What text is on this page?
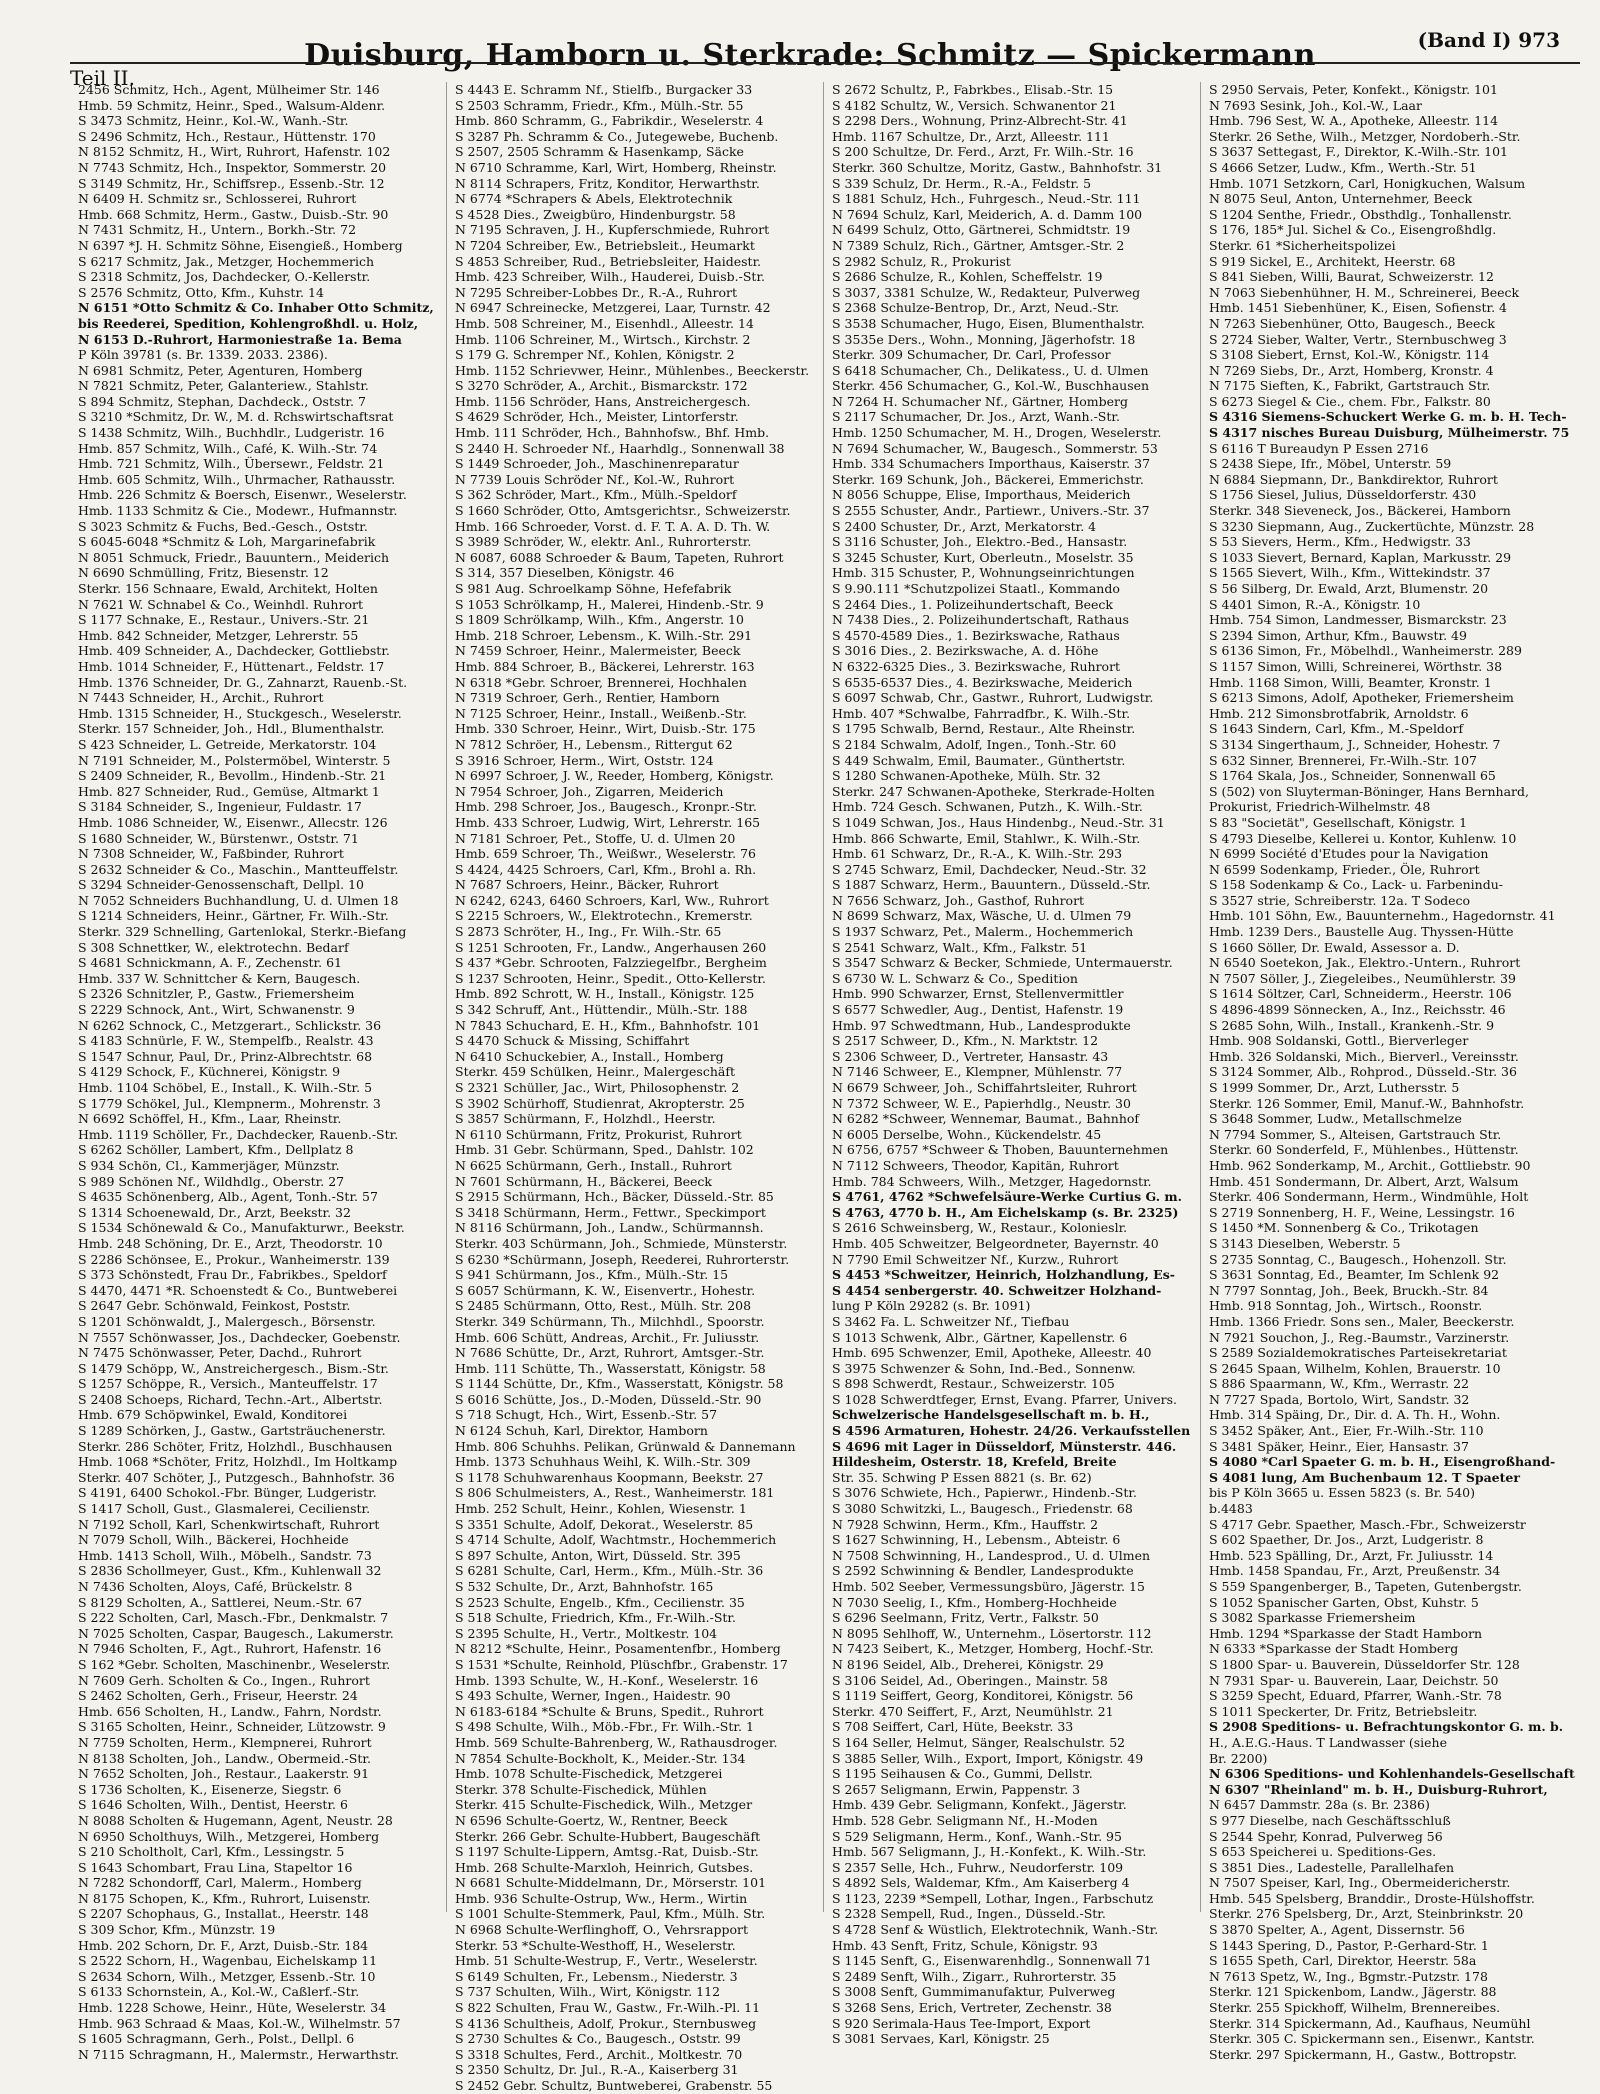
Teil II.
Duisburg, Hamborn u. Sterkrade: Schmitz — Spickermann	(Band I) 973
2456 Schmitz, Hch., Agent, Mülheimer Str. 146
Hmb. 59 Schmitz, Heinr., Sped., Walsum-Aldenr.
S 3473 Schmitz, Heinr., Kol.-W., Wanh.-Str.
S 2496 Schmitz, Hch., Restaur., Hüttenstr. 170
N 8152 Schmitz, H., Wirt, Ruhrort, Hafenstr. 102
N 7743 Schmitz, Hch., Inspektor, Sommerstr. 20
S 3149 Schmitz, Hr., Schiffsrep., Essenb.-Str. 12
N 6409 H. Schmitz sr., Schlosserei, Ruhrort
Hmb. 668 Schmitz, Herm., Gastw., Duisb.-Str. 90
N 7431 Schmitz, H., Untern., Borkh.-Str. 72
N 6397 *J. H. Schmitz Söhne, Eisengieß., Homberg
S 6217 Schmitz, Jak., Metzger, Hochemmerich
S 2318 Schmitz, Jos, Dachdecker, O.-Kellerstr.
S 2576 Schmitz, Otto, Kfm., Kuhstr. 14
N 6151 *Otto Schmitz & Co. Inhaber Otto Schmitz,
bis Reederei, Spedition, Kohlengroßhdl. u. Holz,
N 6153 D.-Ruhrort, Harmoniestraße 1a. Bema
P Köln 39781 (s. Br. 1339. 2033. 2386).
N 6981 Schmitz, Peter, Agenturen, Homberg
N 7821 Schmitz, Peter, Galanteriew., Stahlstr.
S 894 Schmitz, Stephan, Dachdeck., Oststr. 7
S 3210 *Schmitz, Dr. W., M. d. Rchswirtschaftsrat
S 1438 Schmitz, Wilh., Buchhdlr., Ludgeristr. 16
Hmb. 857 Schmitz, Wilh., Café, K. Wilh.-Str. 74
Hmb. 721 Schmitz, Wilh., Übersewr., Feldstr. 21
Hmb. 605 Schmitz, Wilh., Uhrmacher, Rathausstr.
Hmb. 226 Schmitz & Boersch, Eisenwr., Weselerstr.
Hmb. 1133 Schmitz & Cie., Modewr., Hufmannstr.
S 3023 Schmitz & Fuchs, Bed.-Gesch., Oststr.
S 6045-6048 *Schmitz & Loh, Margarinefabrik
N 8051 Schmuck, Friedr., Bauuntern., Meiderich
N 6690 Schmülling, Fritz, Biesenstr. 12
Sterkr. 156 Schnaare, Ewald, Architekt, Holten
N 7621 W. Schnabel & Co., Weinhdl. Ruhrort
S 1177 Schnake, E., Restaur., Univers.-Str. 21
Hmb. 842 Schneider, Metzger, Lehrerstr. 55
Hmb. 409 Schneider, A., Dachdecker, Gottliebstr.
Hmb. 1014 Schneider, F., Hüttenart., Feldstr. 17
Hmb. 1376 Schneider, Dr. G., Zahnarzt, Rauenb.-St.
N 7443 Schneider, H., Archit., Ruhrort
Hmb. 1315 Schneider, H., Stuckgesch., Weselerstr.
Sterkr. 157 Schneider, Joh., Hdl., Blumenthalstr.
S 423 Schneider, L. Getreide, Merkatorstr. 104
N 7191 Schneider, M., Polstermöbel, Winterstr. 5
S 2409 Schneider, R., Bevollm., Hindenb.-Str. 21
Hmb. 827 Schneider, Rud., Gemüse, Altmarkt 1
S 3184 Schneider, S., Ingenieur, Fuldastr. 17
Hmb. 1086 Schneider, W., Eisenwr., Allecstr. 126
S 1680 Schneider, W., Bürstenwr., Oststr. 71
N 7308 Schneider, W., Faßbinder, Ruhrort
S 2632 Schneider & Co., Maschin., Mantteuffelstr.
S 3294 Schneider-Genossenschaft, Dellpl. 10
N 7052 Schneiders Buchhandlung, U. d. Ulmen 18
S 1214 Schneiders, Heinr., Gärtner, Fr. Wilh.-Str.
Sterkr. 329 Schnelling, Gartenlokal, Sterkr.-Biefang
S 308 Schnettker, W., elektrotechn. Bedarf
S 4681 Schnickmann, A. F., Zechenstr. 61
Hmb. 337 W. Schnittcher & Kern, Baugesch.
S 2326 Schnitzler, P., Gastw., Friemersheim
S 2229 Schnock, Ant., Wirt, Schwanenstr. 9
N 6262 Schnock, C., Metzgerart., Schlickstr. 36
S 4183 Schnürle, F. W., Stempelfb., Realstr. 43
S 1547 Schnur, Paul, Dr., Prinz-Albrechtstr. 68
S 4129 Schock, F., Küchnerei, Königstr. 9
Hmb. 1104 Schöbel, E., Install., K. Wilh.-Str. 5
S 1779 Schökel, Jul., Klempnerm., Mohrenstr. 3
N 6692 Schöffel, H., Kfm., Laar, Rheinstr.
Hmb. 1119 Schöller, Fr., Dachdecker, Rauenb.-Str.
S 6262 Schöller, Lambert, Kfm., Dellplatz 8
S 934 Schön, Cl., Kammerjäger, Münzstr.
S 989 Schönen Nf., Wildhdlg., Oberstr. 27
S 4635 Schönenberg, Alb., Agent, Tonh.-Str. 57
S 1314 Schoenewald, Dr., Arzt, Beekstr. 32
S 1534 Schönewald & Co., Manufakturwr., Beekstr.
Hmb. 248 Schöning, Dr. E., Arzt, Theodorstr. 10
S 2286 Schönsee, E., Prokur., Wanheimerstr. 139
S 373 Schönstedt, Frau Dr., Fabrikbes., Speldorf
S 4470, 4471 *R. Schoenstedt & Co., Buntweberei
S 2647 Gebr. Schönwald, Feinkost, Poststr.
S 1201 Schönwaldt, J., Malergesch., Börsenstr.
N 7557 Schönwasser, Jos., Dachdecker, Goebenstr.
N 7475 Schönwasser, Peter, Dachd., Ruhrort
S 1479 Schöpp, W., Anstreichergesch., Bism.-Str.
S 1257 Schöppe, R., Versich., Manteuffelstr. 17
S 2408 Schoeps, Richard, Techn.-Art., Albertstr.
Hmb. 679 Schöpwinkel, Ewald, Konditorei
S 1289 Schörken, J., Gastw., Gartsträuchenerstr.
Sterkr. 286 Schöter, Fritz, Holzhdl., Buschhausen
Hmb. 1068 *Schöter, Fritz, Holzhdl., Im Holtkamp
Sterkr. 407 Schöter, J., Putzgesch., Bahnhofstr. 36
S 4191, 6400 Schokol.-Fbr. Bünger, Ludgeristr.
S 1417 Scholl, Gust., Glasmalerei, Cecilienstr.
N 7192 Scholl, Karl, Schenkwirtschaft, Ruhrort
N 7079 Scholl, Wilh., Bäckerei, Hochheide
Hmb. 1413 Scholl, Wilh., Möbelh., Sandstr. 73
S 2836 Schollmeyer, Gust., Kfm., Kuhlenwall 32
N 7436 Scholten, Aloys, Café, Brückelstr. 8
S 8129 Scholten, A., Sattlerei, Neum.-Str. 67
S 222 Scholten, Carl, Masch.-Fbr., Denkmalstr. 7
N 7025 Scholten, Caspar, Baugesch., Lakumerstr.
N 7946 Scholten, F., Agt., Ruhrort, Hafenstr. 16
S 162 *Gebr. Scholten, Maschinenbr., Weselerstr.
N 7609 Gerh. Scholten & Co., Ingen., Ruhrort
S 2462 Scholten, Gerh., Friseur, Heerstr. 24
Hmb. 656 Scholten, H., Landw., Fahrn, Nordstr.
S 3165 Scholten, Heinr., Schneider, Lützowstr. 9
N 7759 Scholten, Herm., Klempnerei, Ruhrort
N 8138 Scholten, Joh., Landw., Obermeid.-Str.
N 7652 Scholten, Joh., Restaur., Laakerstr. 91
S 1736 Scholten, K., Eisenerze, Siegstr. 6
S 1646 Scholten, Wilh., Dentist, Heerstr. 6
N 8088 Scholten & Hugemann, Agent, Neustr. 28
N 6950 Scholthuys, Wilh., Metzgerei, Homberg
S 210 Scholtholt, Carl, Kfm., Lessingstr. 5
S 1643 Schombart, Frau Lina, Stapeltor 16
N 7282 Schondorff, Carl, Malerm., Homberg
N 8175 Schopen, K., Kfm., Ruhrort, Luisenstr.
S 2207 Schophaus, G., Installat., Heerstr. 148
S 309 Schor, Kfm., Münzstr. 19
Hmb. 202 Schorn, Dr. F., Arzt, Duisb.-Str. 184
S 2522 Schorn, H., Wagenbau, Eichelskamp 11
S 2634 Schorn, Wilh., Metzger, Essenb.-Str. 10
S 6133 Schornstein, A., Kol.-W., Caßlerf.-Str.
Hmb. 1228 Schowe, Heinr., Hüte, Weselerstr. 34
Hmb. 963 Schraad & Maas, Kol.-W., Wilhelmstr. 57
S 1605 Schragmann, Gerh., Polst., Dellpl. 6
N 7115 Schragmann, H., Malermstr., Herwarthstr.
S 4443 E. Schramm Nf., Stielfb., Burgacker 33
S 2503 Schramm, Friedr., Kfm., Mülh.-Str. 55
Hmb. 860 Schramm, G., Fabrikdir., Weselerstr. 4
S 3287 Ph. Schramm & Co., Jutegewebe, Buchenb.
S 2507, 2505 Schramm & Hasenkamp, Säcke
N 6710 Schramme, Karl, Wirt, Homberg, Rheinstr.
N 8114 Schrapers, Fritz, Konditor, Herwarthstr.
N 6774 *Schrapers & Abels, Elektrotechnik
S 4528 Dies., Zweigbüro, Hindenburgstr. 58
N 7195 Schraven, J. H., Kupferschmiede, Ruhrort
N 7204 Schreiber, Ew., Betriebsleit., Heumarkt
S 4853 Schreiber, Rud., Betriebsleiter, Haidestr.
Hmb. 423 Schreiber, Wilh., Hauderei, Duisb.-Str.
N 7295 Schreiber-Lobbes Dr., R.-A., Ruhrort
N 6947 Schreinecke, Metzgerei, Laar, Turnstr. 42
Hmb. 508 Schreiner, M., Eisenhdl., Alleestr. 14
Hmb. 1106 Schreiner, M., Wirtsch., Kirchstr. 2
S 179 G. Schremper Nf., Kohlen, Königstr. 2
Hmb. 1152 Schrievwer, Heinr., Mühlenbes., Beeckerstr.
S 3270 Schröder, A., Archit., Bismarckstr. 172
Hmb. 1156 Schröder, Hans, Anstreichergesch.
S 4629 Schröder, Hch., Meister, Lintorferstr.
Hmb. 111 Schröder, Hch., Bahnhofsw., Bhf. Hmb.
S 2440 H. Schroeder Nf., Haarhdlg., Sonnenwall 38
S 1449 Schroeder, Joh., Maschinenreparatur
N 7739 Louis Schröder Nf., Kol.-W., Ruhrort
S 362 Schröder, Mart., Kfm., Mülh.-Speldorf
S 1660 Schröder, Otto, Amtsgerichtsr., Schweizerstr.
Hmb. 166 Schroeder, Vorst. d. F. T. A. A. D. Th. W.
S 3989 Schröder, W., elektr. Anl., Ruhrorterstr.
N 6087, 6088 Schroeder & Baum, Tapeten, Ruhrort
S 314, 357 Dieselben, Königstr. 46
S 981 Aug. Schroelkamp Söhne, Hefefabrik
S 1053 Schrölkamp, H., Malerei, Hindenb.-Str. 9
S 1809 Schrölkamp, Wilh., Kfm., Angerstr. 10
Hmb. 218 Schroer, Lebensm., K. Wilh.-Str. 291
N 7459 Schroer, Heinr., Malermeister, Beeck
Hmb. 884 Schroer, B., Bäckerei, Lehrerstr. 163
N 6318 *Gebr. Schroer, Brennerei, Hochhalen
N 7319 Schroer, Gerh., Rentier, Hamborn
N 7125 Schroer, Heinr., Install., Weißenb.-Str.
Hmb. 330 Schroer, Heinr., Wirt, Duisb.-Str. 175
N 7812 Schröer, H., Lebensm., Rittergut 62
S 3916 Schroer, Herm., Wirt, Oststr. 124
N 6997 Schroer, J. W., Reeder, Homberg, Königstr.
N 7954 Schroer, Joh., Zigarren, Meiderich
Hmb. 298 Schroer, Jos., Baugesch., Kronpr.-Str.
Hmb. 433 Schroer, Ludwig, Wirt, Lehrerstr. 165
N 7181 Schroer, Pet., Stoffe, U. d. Ulmen 20
Hmb. 659 Schroer, Th., Weißwr., Weselerstr. 76
S 4424, 4425 Schroers, Carl, Kfm., Brohl a. Rh.
N 7687 Schroers, Heinr., Bäcker, Ruhrort
N 6242, 6243, 6460 Schroers, Karl, Ww., Ruhrort
S 2215 Schroers, W., Elektrotechn., Kremerstr.
S 2873 Schröter, H., Ing., Fr. Wilh.-Str. 65
S 1251 Schrooten, Fr., Landw., Angerhausen 260
S 437 *Gebr. Schrooten, Falzziegelfbr., Bergheim
S 1237 Schrooten, Heinr., Spedit., Otto-Kellerstr.
Hmb. 892 Schrott, W. H., Install., Königstr. 125
S 342 Schruff, Ant., Hüttendir., Mülh.-Str. 188
N 7843 Schuchard, E. H., Kfm., Bahnhofstr. 101
S 4470 Schuck & Missing, Schiffahrt
N 6410 Schuckebier, A., Install., Homberg
Sterkr. 459 Schülken, Heinr., Malergeschäft
S 2321 Schüller, Jac., Wirt, Philosophenstr. 2
S 3902 Schürhoff, Studienrat, Akropterstr. 25
S 3857 Schürmann, F., Holzhdl., Heerstr.
N 6110 Schürmann, Fritz, Prokurist, Ruhrort
Hmb. 31 Gebr. Schürmann, Sped., Dahlstr. 102
N 6625 Schürmann, Gerh., Install., Ruhrort
N 7601 Schürmann, H., Bäckerei, Beeck
S 2915 Schürmann, Hch., Bäcker, Düsseld.-Str. 85
S 3418 Schürmann, Herm., Fettwr., Speckimport
N 8116 Schürmann, Joh., Landw., Schürmannsh.
Sterkr. 403 Schürmann, Joh., Schmiede, Münsterstr.
S 6230 *Schürmann, Joseph, Reederei, Ruhrorterstr.
S 941 Schürmann, Jos., Kfm., Mülh.-Str. 15
S 6057 Schürmann, K. W., Eisenvertr., Hohestr.
S 2485 Schürmann, Otto, Rest., Mülh. Str. 208
Sterkr. 349 Schürmann, Th., Milchhdl., Spoorstr.
Hmb. 606 Schütt, Andreas, Archit., Fr. Juliusstr.
N 7686 Schütte, Dr., Arzt, Ruhrort, Amtsger.-Str.
Hmb. 111 Schütte, Th., Wasserstatt, Königstr. 58
S 1144 Schütte, Dr., Kfm., Wasserstatt, Königstr. 58
S 6016 Schütte, Jos., D.-Moden, Düsseld.-Str. 90
S 718 Schugt, Hch., Wirt, Essenb.-Str. 57
N 6124 Schuh, Karl, Direktor, Hamborn
Hmb. 806 Schuhhs. Pelikan, Grünwald & Dannemann
Hmb. 1373 Schuhhaus Weihl, K. Wilh.-Str. 309
S 1178 Schuhwarenhaus Koopmann, Beekstr. 27
S 806 Schulmeisters, A., Rest., Wanheimerstr. 181
Hmb. 252 Schult, Heinr., Kohlen, Wiesenstr. 1
S 3351 Schulte, Adolf, Dekorat., Weselerstr. 85
S 4714 Schulte, Adolf, Wachtmstr., Hochemmerich
S 897 Schulte, Anton, Wirt, Düsseld. Str. 395
S 6281 Schulte, Carl, Herm., Kfm., Mülh.-Str. 36
S 532 Schulte, Dr., Arzt, Bahnhofstr. 165
S 2523 Schulte, Engelb., Kfm., Cecilienstr. 35
S 518 Schulte, Friedrich, Kfm., Fr.-Wilh.-Str.
S 2395 Schulte, H., Vertr., Moltkestr. 104
N 8212 *Schulte, Heinr., Posamentenfbr., Homberg
S 1531 *Schulte, Reinhold, Plüschfbr., Grabenstr. 17
Hmb. 1393 Schulte, W., H.-Konf., Weselerstr. 16
S 493 Schulte, Werner, Ingen., Haidestr. 90
N 6183-6184 *Schulte & Bruns, Spedit., Ruhrort
S 498 Schulte, Wilh., Möb.-Fbr., Fr. Wilh.-Str. 1
Hmb. 569 Schulte-Bahrenberg, W., Rathausdroger.
N 7854 Schulte-Bockholt, K., Meider.-Str. 134
Hmb. 1078 Schulte-Fischedick, Metzgerei
Sterkr. 378 Schulte-Fischedick, Mühlen
Sterkr. 415 Schulte-Fischedick, Wilh., Metzger
N 6596 Schulte-Goertz, W., Rentner, Beeck
Sterkr. 266 Gebr. Schulte-Hubbert, Baugeschäft
S 1197 Schulte-Lippern, Amtsg.-Rat, Duisb.-Str.
Hmb. 268 Schulte-Marxloh, Heinrich, Gutsbes.
N 6681 Schulte-Middelmann, Dr., Mörserstr. 101
Hmb. 936 Schulte-Ostrup, Ww., Herm., Wirtin
S 1001 Schulte-Stemmerk, Paul, Kfm., Mülh. Str.
N 6968 Schulte-Werflinghoff, O., Vehrsrapport
Sterkr. 53 *Schulte-Westhoff, H., Weselerstr.
Hmb. 51 Schulte-Westrup, F., Vertr., Weselerstr.
S 6149 Schulten, Fr., Lebensm., Niederstr. 3
S 737 Schulten, Wilh., Wirt, Königstr. 112
S 822 Schulten, Frau W., Gastw., Fr.-Wilh.-Pl. 11
S 4136 Schultheis, Adolf, Prokur., Sternbusweg
S 2730 Schultes & Co., Baugesch., Oststr. 99
S 3318 Schultes, Ferd., Archit., Moltkestr. 70
S 2350 Schultz, Dr. Jul., R.-A., Kaiserberg 31
S 2452 Gebr. Schultz, Buntweberei, Grabenstr. 55
S 2672 Schultz, P., Fabrkbes., Elisab.-Str. 15
S 4182 Schultz, W., Versich. Schwanentor 21
S 2298 Ders., Wohnung, Prinz-Albrecht-Str. 41
Hmb. 1167 Schultze, Dr., Arzt, Alleestr. 111
S 200 Schultze, Dr. Ferd., Arzt, Fr. Wilh.-Str. 16
Sterkr. 360 Schultze, Moritz, Gastw., Bahnhofstr. 31
S 339 Schulz, Dr. Herm., R.-A., Feldstr. 5
S 1881 Schulz, Hch., Fuhrgesch., Neud.-Str. 111
N 7694 Schulz, Karl, Meiderich, A. d. Damm 100
N 6499 Schulz, Otto, Gärtnerei, Schmidtstr. 19
N 7389 Schulz, Rich., Gärtner, Amtsger.-Str. 2
S 2982 Schulz, R., Prokurist
S 2686 Schulze, R., Kohlen, Scheffelstr. 19
S 3037, 3381 Schulze, W., Redakteur, Pulverweg
S 2368 Schulze-Bentrop, Dr., Arzt, Neud.-Str.
S 3538 Schumacher, Hugo, Eisen, Blumenthalstr.
S 3535e Ders., Wohn., Monning, Jägerhofstr. 18
Sterkr. 309 Schumacher, Dr. Carl, Professor
S 6418 Schumacher, Ch., Delikatess., U. d. Ulmen
Sterkr. 456 Schumacher, G., Kol.-W., Buschhausen
N 7264 H. Schumacher Nf., Gärtner, Homberg
S 2117 Schumacher, Dr. Jos., Arzt, Wanh.-Str.
Hmb. 1250 Schumacher, M. H., Drogen, Weselerstr.
N 7694 Schumacher, W., Baugesch., Sommerstr. 53
Hmb. 334 Schumachers Importhaus, Kaiserstr. 37
Sterkr. 169 Schunk, Joh., Bäckerei, Emmerichstr.
N 8056 Schuppe, Elise, Importhaus, Meiderich
S 2555 Schuster, Andr., Partiewr., Univers.-Str. 37
S 2400 Schuster, Dr., Arzt, Merkatorstr. 4
S 3116 Schuster, Joh., Elektro.-Bed., Hansastr.
S 3245 Schuster, Kurt, Oberleutn., Moselstr. 35
Hmb. 315 Schuster, P., Wohnungseinrichtungen
S 9.90.111 *Schutzpolizei Staatl., Kommando
S 2464 Dies., 1. Polizeihundertschaft, Beeck
N 7438 Dies., 2. Polizeihundertschaft, Rathaus
S 4570-4589 Dies., 1. Bezirkswache, Rathaus
S 3016 Dies., 2. Bezirkswache, A. d. Höhe
N 6322-6325 Dies., 3. Bezirkswache, Ruhrort
S 6535-6537 Dies., 4. Bezirkswache, Meiderich
S 6097 Schwab, Chr., Gastwr., Ruhrort, Ludwigstr.
Hmb. 407 *Schwalbe, Fahrradfbr., K. Wilh.-Str.
S 1795 Schwalb, Bernd, Restaur., Alte Rheinstr.
S 2184 Schwalm, Adolf, Ingen., Tonh.-Str. 60
S 449 Schwalm, Emil, Baumater., Günthertstr.
S 1280 Schwanen-Apotheke, Mülh. Str. 32
Sterkr. 247 Schwanen-Apotheke, Sterkrade-Holten
Hmb. 724 Gesch. Schwanen, Putzh., K. Wilh.-Str.
S 1049 Schwan, Jos., Haus Hindenbg., Neud.-Str. 31
Hmb. 866 Schwarte, Emil, Stahlwr., K. Wilh.-Str.
Hmb. 61 Schwarz, Dr., R.-A., K. Wilh.-Str. 293
S 2745 Schwarz, Emil, Dachdecker, Neud.-Str. 32
S 1887 Schwarz, Herm., Bauuntern., Düsseld.-Str.
N 7656 Schwarz, Joh., Gasthof, Ruhrort
N 8699 Schwarz, Max, Wäsche, U. d. Ulmen 79
S 1937 Schwarz, Pet., Malerm., Hochemmerich
S 2541 Schwarz, Walt., Kfm., Falkstr. 51
S 3547 Schwarz & Becker, Schmiede, Untermauerstr.
S 6730 W. L. Schwarz & Co., Spedition
Hmb. 990 Schwarzer, Ernst, Stellenvermittler
S 6577 Schwedler, Aug., Dentist, Hafenstr. 19
Hmb. 97 Schwedtmann, Hub., Landesprodukte
S 2517 Schweer, D., Kfm., N. Marktstr. 12
S 2306 Schweer, D., Vertreter, Hansastr. 43
N 7146 Schweer, E., Klempner, Mühlenstr. 77
N 6679 Schweer, Joh., Schiffahrtsleiter, Ruhrort
N 7372 Schweer, W. E., Papierhdlg., Neustr. 30
N 6282 *Schweer, Wennemar, Baumat., Bahnhof
N 6005 Derselbe, Wohn., Kückendelstr. 45
N 6756, 6757 *Schweer & Thoben, Bauunternehmen
N 7112 Schweers, Theodor, Kapitän, Ruhrort
Hmb. 784 Schweers, Wilh., Metzger, Hagedornstr.
S 4761, 4762 *Schwefelsäure-Werke Curtius G. m.
S 4763, 4770 b. H., Am Eichelskamp (s. Br. 2325)
S 2616 Schweinsberg, W., Restaur., Kolonieslr.
Hmb. 405 Schweitzer, Belgeordneter, Bayernstr. 40
N 7790 Emil Schweitzer Nf., Kurzw., Ruhrort
S 4453 *Schweitzer, Heinrich, Holzhandlung, Es-
S 4454 senbergerstr. 40. Schweitzer Holzhand-
lung P Köln 29282 (s. Br. 1091)
S 3462 Fa. L. Schweitzer Nf., Tiefbau
S 1013 Schwenk, Albr., Gärtner, Kapellenstr. 6
Hmb. 695 Schwenzer, Emil, Apotheke, Alleestr. 40
S 3975 Schwenzer & Sohn, Ind.-Bed., Sonnenw.
S 898 Schwerdt, Restaur., Schweizerstr. 105
S 1028 Schwerdtfeger, Ernst, Evang. Pfarrer, Univers.
Schwelzerische Handelsgesellschaft m. b. H.,
S 4596 Armaturen, Hohestr. 24/26. Verkaufsstellen
S 4696 mit Lager in Düsseldorf, Münsterstr. 446.
Hildesheim, Osterstr. 18, Krefeld, Breite
Str. 35. Schwing P Essen 8821 (s. Br. 62)
S 3076 Schwiete, Hch., Papierwr., Hindenb.-Str.
S 3080 Schwitzki, L., Baugesch., Friedenstr. 68
N 7928 Schwinn, Herm., Kfm., Hauffstr. 2
S 1627 Schwinning, H., Lebensm., Abteistr. 6
N 7508 Schwinning, H., Landesprod., U. d. Ulmen
S 2592 Schwinning & Bendler, Landesprodukte
Hmb. 502 Seeber, Vermessungsbüro, Jägerstr. 15
N 7030 Seelig, I., Kfm., Homberg-Hochheide
S 6296 Seelmann, Fritz, Vertr., Falkstr. 50
N 8095 Sehlhoff, W., Unternehm., Lösertorstr. 112
N 7423 Seibert, K., Metzger, Homberg, Hochf.-Str.
N 8196 Seidel, Alb., Dreherei, Königstr. 29
S 3106 Seidel, Ad., Oberingen., Mainstr. 58
S 1119 Seiffert, Georg, Konditorei, Königstr. 56
Sterkr. 470 Seiffert, F., Arzt, Neumühlstr. 21
S 708 Seiffert, Carl, Hüte, Beekstr. 33
S 164 Seller, Helmut, Sänger, Realschulstr. 52
S 3885 Seller, Wilh., Export, Import, Königstr. 49
S 1195 Seihausen & Co., Gummi, Dellstr.
S 2657 Seligmann, Erwin, Pappenstr. 3
Hmb. 439 Gebr. Seligmann, Konfekt., Jägerstr.
Hmb. 528 Gebr. Seligmann Nf., H.-Moden
S 529 Seligmann, Herm., Konf., Wanh.-Str. 95
Hmb. 567 Seligmann, J., H.-Konfekt., K. Wilh.-Str.
S 2357 Selle, Hch., Fuhrw., Neudorferstr. 109
S 4892 Sels, Waldemar, Kfm., Am Kaiserberg 4
S 1123, 2239 *Sempell, Lothar, Ingen., Farbschutz
S 2328 Sempell, Rud., Ingen., Düsseld.-Str.
S 4728 Senf & Wüstlich, Elektrotechnik, Wanh.-Str.
Hmb. 43 Senft, Fritz, Schule, Königstr. 93
S 1145 Senft, G., Eisenwarenhdlg., Sonnenwall 71
S 2489 Senft, Wilh., Zigarr., Ruhrorterstr. 35
S 3008 Senft, Gummimanufaktur, Pulverweg
S 3268 Sens, Erich, Vertreter, Zechenstr. 38
S 920 Serimala-Haus Tee-Import, Export
S 3081 Servaes, Karl, Königstr. 25
S 2950 Servais, Peter, Konfekt., Königstr. 101
N 7693 Sesink, Joh., Kol.-W., Laar
Hmb. 796 Sest, W. A., Apotheke, Alleestr. 114
Sterkr. 26 Sethe, Wilh., Metzger, Nordoberh.-Str.
S 3637 Settegast, F., Direktor, K.-Wilh.-Str. 101
S 4666 Setzer, Ludw., Kfm., Werth.-Str. 51
Hmb. 1071 Setzkorn, Carl, Honigkuchen, Walsum
N 8075 Seul, Anton, Unternehmer, Beeck
S 1204 Senthe, Friedr., Obsthdlg., Tonhallenstr.
S 176, 185* Jul. Sichel & Co., Eisengroßhdlg.
Sterkr. 61 *Sicherheitspolizei
S 919 Sickel, E., Architekt, Heerstr. 68
S 841 Sieben, Willi, Baurat, Schweizerstr. 12
N 7063 Siebenhühner, H. M., Schreinerei, Beeck
Hmb. 1451 Siebenhüner, K., Eisen, Sofienstr. 4
N 7263 Siebenhüner, Otto, Baugesch., Beeck
S 2724 Sieber, Walter, Vertr., Sternbuschweg 3
S 3108 Siebert, Ernst, Kol.-W., Königstr. 114
N 7269 Siebs, Dr., Arzt, Homberg, Kronstr. 4
N 7175 Sieften, K., Fabrikt, Gartstrauch Str.
S 6273 Siegel & Cie., chem. Fbr., Falkstr. 80
S 4316 Siemens-Schuckert Werke G. m. b. H. Tech-
S 4317 nisches Bureau Duisburg, Mülheimerstr. 75
S 6116 T Bureaudyn P Essen 2716
S 2438 Siepe, Ifr., Möbel, Unterstr. 59
N 6884 Siepmann, Dr., Bankdirektor, Ruhrort
S 1756 Siesel, Julius, Düsseldorferstr. 430
Sterkr. 348 Sieveneck, Jos., Bäckerei, Hamborn
S 3230 Siepmann, Aug., Zuckertüchte, Münzstr. 28
S 53 Sievers, Herm., Kfm., Hedwigstr. 33
S 1033 Sievert, Bernard, Kaplan, Markusstr. 29
S 1565 Sievert, Wilh., Kfm., Wittekindstr. 37
S 56 Silberg, Dr. Ewald, Arzt, Blumenstr. 20
S 4401 Simon, R.-A., Königstr. 10
Hmb. 754 Simon, Landmesser, Bismarckstr. 23
S 2394 Simon, Arthur, Kfm., Bauwstr. 49
S 6136 Simon, Fr., Möbelhdl., Wanheimerstr. 289
S 1157 Simon, Willi, Schreinerei, Wörthstr. 38
Hmb. 1168 Simon, Willi, Beamter, Kronstr. 1
S 6213 Simons, Adolf, Apotheker, Friemersheim
Hmb. 212 Simonsbrotfabrik, Arnoldstr. 6
S 1643 Sindern, Carl, Kfm., M.-Speldorf
S 3134 Singerthaum, J., Schneider, Hohestr. 7
S 632 Sinner, Brennerei, Fr.-Wilh.-Str. 107
S 1764 Skala, Jos., Schneider, Sonnenwall 65
S (502) von Sluyterman-Böninger, Hans Bernhard,
Prokurist, Friedrich-Wilhelmstr. 48
S 83 "Societät", Gesellschaft, Königstr. 1
S 4793 Dieselbe, Kellerei u. Kontor, Kuhlenw. 10
N 6999 Société d'Etudes pour la Navigation
N 6599 Sodenkamp, Frieder., Öle, Ruhrort
S 158 Sodenkamp & Co., Lack- u. Farbenindu-
S 3527 strie, Schreiberstr. 12a. T Sodeco
Hmb. 101 Söhn, Ew., Bauunternehm., Hagedornstr. 41
Hmb. 1239 Ders., Baustelle Aug. Thyssen-Hütte
S 1660 Söller, Dr. Ewald, Assessor a. D.
N 6540 Soetekon, Jak., Elektro.-Untern., Ruhrort
N 7507 Söller, J., Ziegeleibes., Neumühlerstr. 39
S 1614 Söltzer, Carl, Schneiderm., Heerstr. 106
S 4896-4899 Sönnecken, A., Inz., Reichsstr. 46
S 2685 Sohn, Wilh., Install., Krankenh.-Str. 9
Hmb. 908 Soldanski, Gottl., Bierverleger
Hmb. 326 Soldanski, Mich., Bierverl., Vereinsstr.
S 3124 Sommer, Alb., Rohprod., Düsseld.-Str. 36
S 1999 Sommer, Dr., Arzt, Luthersstr. 5
Sterkr. 126 Sommer, Emil, Manuf.-W., Bahnhofstr.
S 3648 Sommer, Ludw., Metallschmelze
N 7794 Sommer, S., Alteisen, Gartstrauch Str.
Sterkr. 60 Sonderfeld, F., Mühlenbes., Hüttenstr.
Hmb. 962 Sonderkamp, M., Archit., Gottliebstr. 90
Hmb. 451 Sondermann, Dr. Albert, Arzt, Walsum
Sterkr. 406 Sondermann, Herm., Windmühle, Holt
S 2719 Sonnenberg, H. F., Weine, Lessingstr. 16
S 1450 *M. Sonnenberg & Co., Trikotagen
S 3143 Dieselben, Weberstr. 5
S 2735 Sonntag, C., Baugesch., Hohenzoll. Str.
S 3631 Sonntag, Ed., Beamter, Im Schlenk 92
N 7797 Sonntag, Joh., Beek, Bruckh.-Str. 84
Hmb. 918 Sonntag, Joh., Wirtsch., Roonstr.
Hmb. 1366 Friedr. Sons sen., Maler, Beeckerstr.
N 7921 Souchon, J., Reg.-Baumstr., Varzinerstr.
S 2589 Sozialdemokratisches Parteisekretariat
S 2645 Spaan, Wilhelm, Kohlen, Brauerstr. 10
S 886 Spaarmann, W., Kfm., Werrastr. 22
N 7727 Spada, Bortolo, Wirt, Sandstr. 32
Hmb. 314 Späing, Dr., Dir. d. A. Th. H., Wohn.
S 3452 Späker, Ant., Eier, Fr.-Wilh.-Str. 110
S 3481 Späker, Heinr., Eier, Hansastr. 37
S 4080 *Carl Spaeter G. m. b. H., Eisengroßhand-
S 4081 lung, Am Buchenbaum 12. T Spaeter
bis P Köln 3665 u. Essen 5823 (s. Br. 540)
b.4483
S 4717 Gebr. Spaether, Masch.-Fbr., Schweizerstr
S 602 Spaether, Dr. Jos., Arzt, Ludgeristr. 8
Hmb. 523 Spälling, Dr., Arzt, Fr. Juliusstr. 14
Hmb. 1458 Spandau, Fr., Arzt, Preußenstr. 34
S 559 Spangenberger, B., Tapeten, Gutenbergstr.
S 1052 Spanischer Garten, Obst, Kuhstr. 5
S 3082 Sparkasse Friemersheim
Hmb. 1294 *Sparkasse der Stadt Hamborn
N 6333 *Sparkasse der Stadt Homberg
S 1800 Spar- u. Bauverein, Düsseldorfer Str. 128
N 7931 Spar- u. Bauverein, Laar, Deichstr. 50
S 3259 Specht, Eduard, Pfarrer, Wanh.-Str. 78
S 1011 Speckerter, Dr. Fritz, Betriebsleitr.
S 2908 Speditions- u. Befrachtungskontor G. m. b.
H., A.E.G.-Haus. T Landwasser (siehe
Br. 2200)
N 6306 Speditions- und Kohlenhandels-Gesellschaft
N 6307 "Rheinland" m. b. H., Duisburg-Ruhrort,
N 6457 Dammstr. 28a (s. Br. 2386)
S 977 Dieselbe, nach Geschäftsschluß
S 2544 Spehr, Konrad, Pulverweg 56
S 653 Speicherei u. Speditions-Ges.
S 3851 Dies., Ladestelle, Parallelhafen
N 7507 Speiser, Karl, Ing., Obermeidericherstr.
Hmb. 545 Spelsberg, Branddir., Droste-Hülshoffstr.
Sterkr. 276 Spelsberg, Dr., Arzt, Steinbrinkstr. 20
S 3870 Spelter, A., Agent, Dissernstr. 56
S 1443 Spering, D., Pastor, P.-Gerhard-Str. 1
S 1655 Speth, Carl, Direktor, Heerstr. 58a
N 7613 Spetz, W., Ing., Bgmstr.-Putzstr. 178
Sterkr. 121 Spickenbom, Landw., Jägerstr. 88
Sterkr. 255 Spickhoff, Wilhelm, Brennereibes.
Sterkr. 314 Spickermann, Ad., Kaufhaus, Neumühl
Sterkr. 305 C. Spickermann sen., Eisenwr., Kantstr.
Sterkr. 297 Spickermann, H., Gastw., Bottropstr.
